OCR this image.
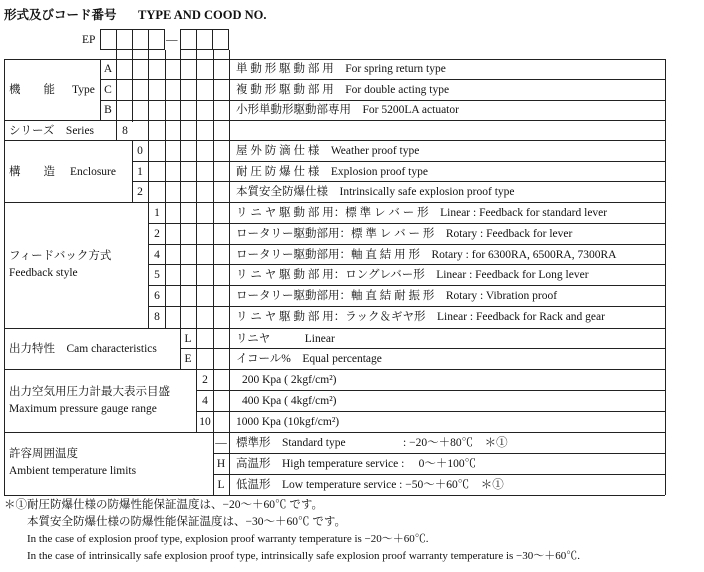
形式及びコード番号 TYPE AND COOD NO.
EP	—
機　　能 Type
A
C
B
単 動 形 駆 動 部 用　For spring return type
複 動 形 駆 動 部 用　For double acting type
小形単動形駆動部専用　For 5200LA actuator
シリーズ　Series 8
構　　造 Enclosure
0
1
2
屋 外 防 滴 仕 様　Weather proof type
耐 圧 防 爆 仕 様　Explosion proof type
本質安全防爆仕様　Intrinsically safe explosion proof type
フィードバック方式
Feedback style
1
2
4
5
6
8
リ ニ ヤ 駆 動 部 用：標 準 レ バ ー 形　Linear : Feedback for standard lever
ロータリー駆動部用：標 準 レ バ ー 形　Rotary : Feedback for lever
ロータリー駆動部用：軸 直 結 用 形　Rotary : for 6300RA, 6500RA, 7300RA
リ ニ ヤ 駆 動 部 用：ロングレバー形　Linear : Feedback for Long lever
ロータリー駆動部用：軸 直 結 耐 振 形　Rotary : Vibration proof
リ ニ ヤ 駆 動 部 用：ラック＆ギヤ形　Linear : Feedback for Rack and gear
出力特性　Cam characteristics
L
E
リニヤ　　　Linear
イコール%　Equal percentage
出力空気用圧力計最大表示目盛
Maximum pressure gauge range
2
4
10
200 Kpa ( 2kgf/cm²)
400 Kpa ( 4kgf/cm²)
1000 Kpa (10kgf/cm²)
許容周囲温度
Ambient temperature limits
—
H
L
標準形　Standard type　　　　　: −20〜＋80℃　＊①
高温形　High temperature service :　 0〜＋100℃
低温形　Low temperature service : −50〜＋60℃　＊①
＊①耐圧防爆仕様の防爆性能保証温度は、−20〜＋60℃ です。
本質安全防爆仕様の防爆性能保証温度は、−30〜＋60℃ です。
In the case of explosion proof type, explosion proof warranty temperature is −20〜＋60℃.
In the case of intrinsically safe explosion proof type, intrinsically safe explosion proof warranty temperature is −30〜＋60℃.
